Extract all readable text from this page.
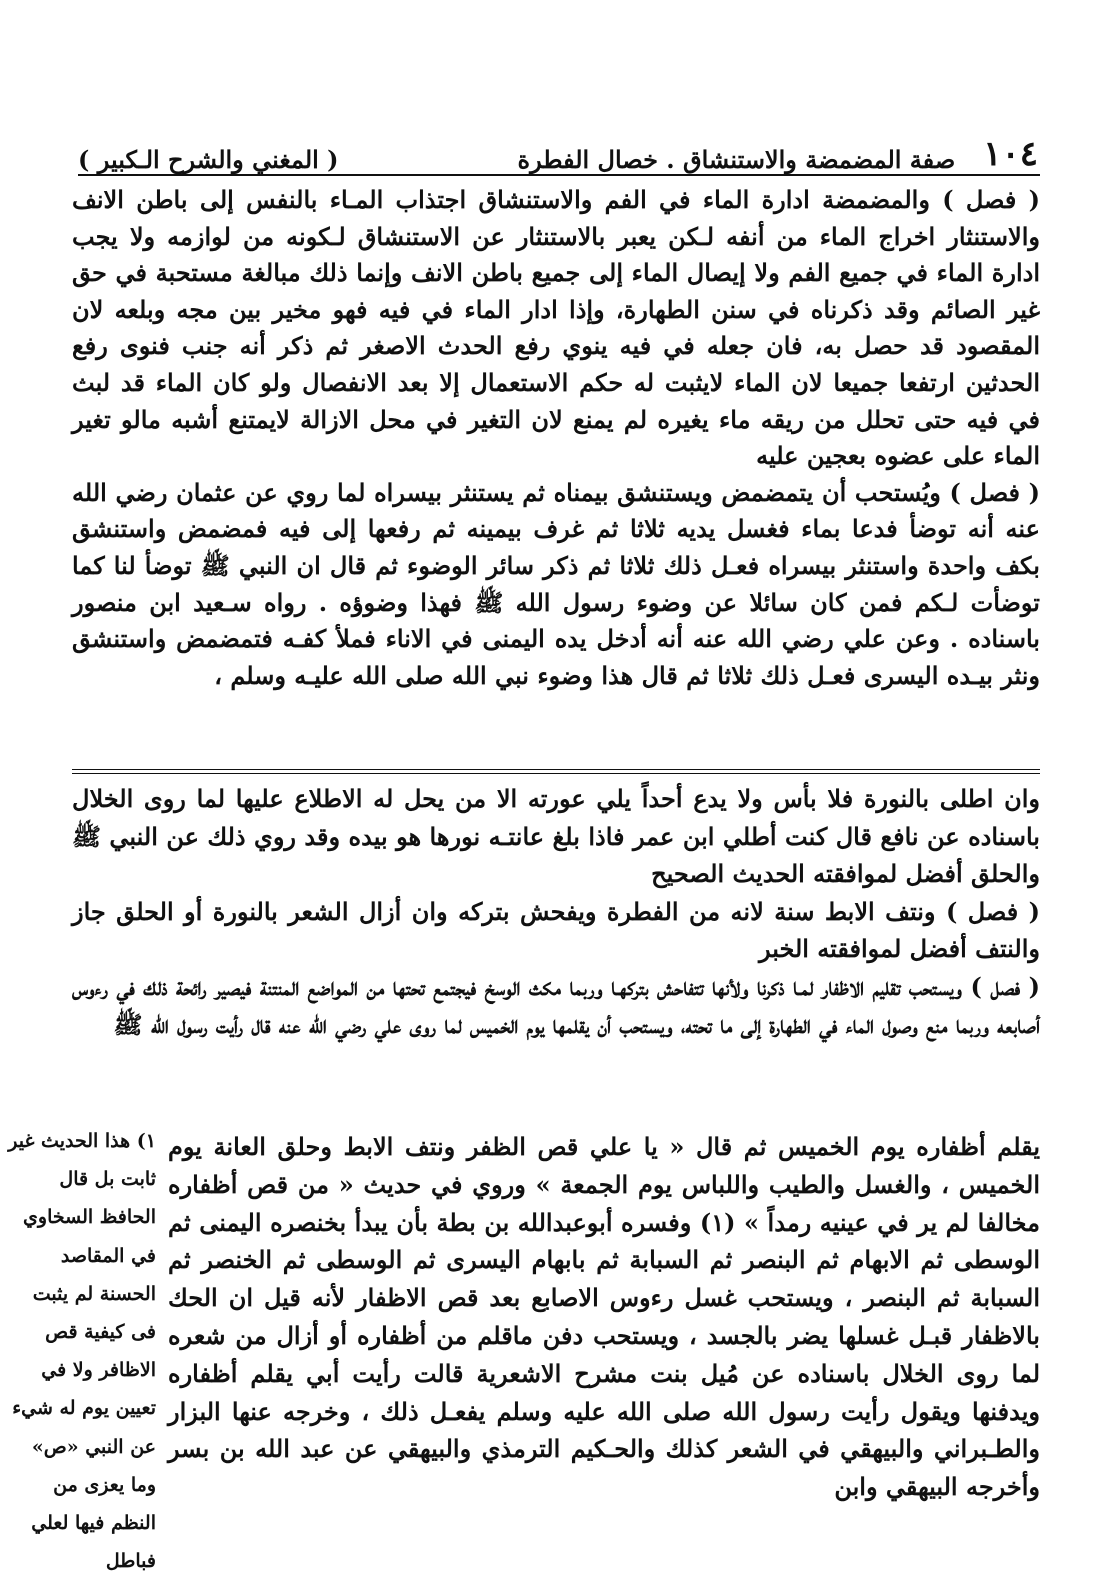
١٠٤
صفة المضمضة والاستنشاق . خصال الفطرة
( المغني والشرح الـكبير )

( فصل ) والمضمضة ادارة الماء في الفم والاستنشاق اجتذاب المـاء بالنفس إلى باطن الانف والاستنثار اخراج الماء من أنفه لـكن يعبر بالاستنثار عن الاستنشاق لـكونه من لوازمه ولا يجب ادارة الماء في جميع الفم ولا إيصال الماء إلى جميع باطن الانف وإنما ذلك مبالغة مستحبة في حق غير الصائم وقد ذكرناه في سنن الطهارة، وإذا ادار الماء في فيه فهو مخير بين مجه وبلعه لان المقصود قد حصل به، فان جعله في فيه ينوي رفع الحدث الاصغر ثم ذكر أنه جنب فنوى رفع الحدثين ارتفعا جميعا لان الماء لايثبت له حكم الاستعمال إلا بعد الانفصال ولو كان الماء قد لبث في فيه حتى تحلل من ريقه ماء يغيره لم يمنع لان التغير في محل الازالة لايمتنع أشبه مالو تغير الماء على عضوه بعجين عليه

( فصل ) ويُستحب أن يتمضمض ويستنشق بيمناه ثم يستنثر بيسراه لما روي عن عثمان رضي الله عنه أنه توضأ فدعا بماء فغسل يديه ثلاثا ثم غرف بيمينه ثم رفعها إلى فيه فمضمض واستنشق بكف واحدة واستنثر بيسراه فعـل ذلك ثلاثا ثم ذكر سائر الوضوء ثم قال ان النبي ﷺ توضأ لنا كما توضأت لـكم فمن كان سائلا عن وضوء رسول الله ﷺ فهذا وضوؤه . رواه سـعيد ابن منصور باسناده . وعن علي رضي الله عنه أنه أدخل يده اليمنى في الاناء فملأ كفـه فتمضمض واستنشق ونثر بيـده اليسرى فعـل ذلك ثلاثا ثم قال هذا وضوء نبي الله صلى الله عليـه وسلم ،

وان اطلى بالنورة فلا بأس ولا يدع أحداً يلي عورته الا من يحل له الاطلاع عليها لما روى الخلال باسناده عن نافع قال كنت أطلي ابن عمر فاذا بلغ عانتـه نورها هو بيده وقد روي ذلك عن النبي ﷺ والحلق أفضل لموافقته الحديث الصحيح

( فصل ) ونتف الابط سنة لانه من الفطرة ويفحش بتركه وان أزال الشعر بالنورة أو الحلق جاز والنتف أفضل لموافقته الخبر

( فصل ) ويستحب تقليم الاظفار لمـا ذكرنا ولأنها تتفاحش بتركهـا وربما مكث الوسخ فيجتمع تحتها من المواضع المنتنة فيصير رائحة ذلك في رءوس أصابعه وربما منع وصول الماء في الطهارة إلى ما تحته، ويستحب أن يقلمها يوم الخميس لما روى علي رضي الله عنه قال رأيت رسول الله ﷺ

يقلم أظفاره يوم الخميس ثم قال « يا علي قص الظفر ونتف الابط وحلق العانة يوم الخميس ، والغسل والطيب واللباس يوم الجمعة » وروي في حديث « من قص أظفاره مخالفا لم ير في عينيه رمداً » (١) وفسره أبوعبدالله بن بطة بأن يبدأ بخنصره اليمنى ثم الوسطى ثم الابهام ثم البنصر ثم السبابة ثم بابهام اليسرى ثم الوسطى ثم الخنصر ثم السبابة ثم البنصر ، ويستحب غسل رءوس الاصابع بعد قص الاظفار لأنه قيل ان الحك بالاظفار قبـل غسلها يضر بالجسد ، ويستحب دفن ماقلم من أظفاره أو أزال من شعره لما روى الخلال باسناده عن مُيل بنت مشرح الاشعرية قالت رأيت أبي يقلم أظفاره ويدفنها ويقول رأيت رسول الله صلى الله عليه وسلم يفعـل ذلك ، وخرجه عنها البزار والطـبراني والبيهقي في الشعر كذلك والحـكيم الترمذي والبيهقي عن عبد الله بن بسر وأخرجه البيهقي وابن

١) هذا الحديث غير ثابت بل قال الحافظ السخاوي في المقاصد الحسنة لم يثبت فى كيفية قص الاظافر ولا في تعيين يوم له شيء عن النبي «ص» وما يعزى من النظم فيها لعلي فباطل
